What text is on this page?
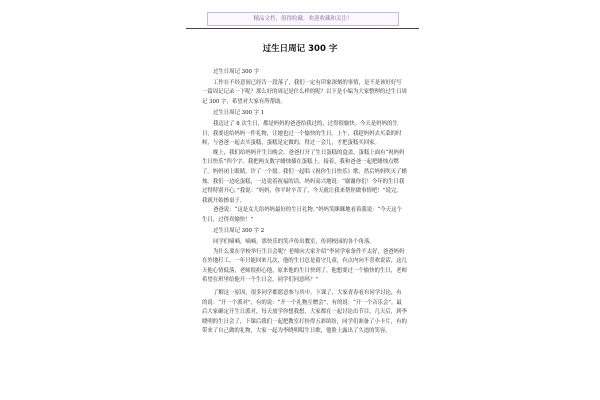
精品文档，值得收藏，欢迎收藏和关注！
过生日周记 300 字

过生日周记 300 字

工作在不经意间已经告一段落了，我们一定有印象深刻的事情，是不是该好好写一篇周记记录一下呢？那么好的周记是什么样的呢？以下是小编为大家整理的过生日周记 300 字，希望对大家有所帮助。

过生日周记 300 字 1

我迈过了 8 次生日，都是妈妈的爸爸给我过的，过得很愉快。今天是妈妈的生日，我要送给妈妈一件礼物，让她也过一个愉快的生日。上午，我趁妈妈去买菜的时候，与爸爸一起去买蛋糕。蛋糕是定做的，得过一会儿，才把蛋糕买回家。

晚上，我们给妈妈开生日晚会。爸爸打开了生日蛋糕的盒盖，蛋糕上面有“祝妈妈生日快乐”四个字。我把两支数字蜡烛插在蛋糕上，接着，我和爸爸一起把蜡烛点燃了。妈妈闭上眼睛，许了一个愿。我们一起唱《祝你生日快乐》歌，然后妈妈吹灭了蜡烛。我们一边吃蛋糕，一边说着祝福的话。妈妈高兴地说：“谢谢你们！今年的生日我过得特别开心。”我说：“妈妈，你平时辛苦了，今天就让我来帮你做事情吧！”说完，我就开始擦桌子。

爸爸说：“这是女儿给妈妈最好的生日礼物。”妈妈笑眯眯地看着我说：“今天这个生日，过得真愉快！”

过生日周记 300 字 2

同学们嘀嘀，嘀嘀，那快乐的笑声传出教室，传到校园的各个角落。

为什么要在学校举行生日会呢？老师向大家介绍“李同学家条件不太好，爸爸妈妈在外地打工，一年只能回来几次，他的生日总是留守儿童，有点内向不喜欢说话，这几天他心情低落，老师很担心他，原来他的生日快到了，他想要过一个愉快的生日，老师希望在班里给他开一个生日会，同学们同意吗？”

了解这一原因，很多同学都愿意参与其中。下课了，大家青春看有同学讨论，有的说：“开一个派对”，有的说：“开一个礼物互赠会”，有的说：“开一个音乐会”。最后大家确定开生日派对，每天放学你想我想，大家都在一起讨论出节目，几天后，到李晓明的生日会了，下课后我们一起把教室打扮得五彩缤纷，同学们准备了小卡片，有的带来了自己做的礼物，大家一起为李晓明唱生日歌，他脸上露出了久违的笑容。
